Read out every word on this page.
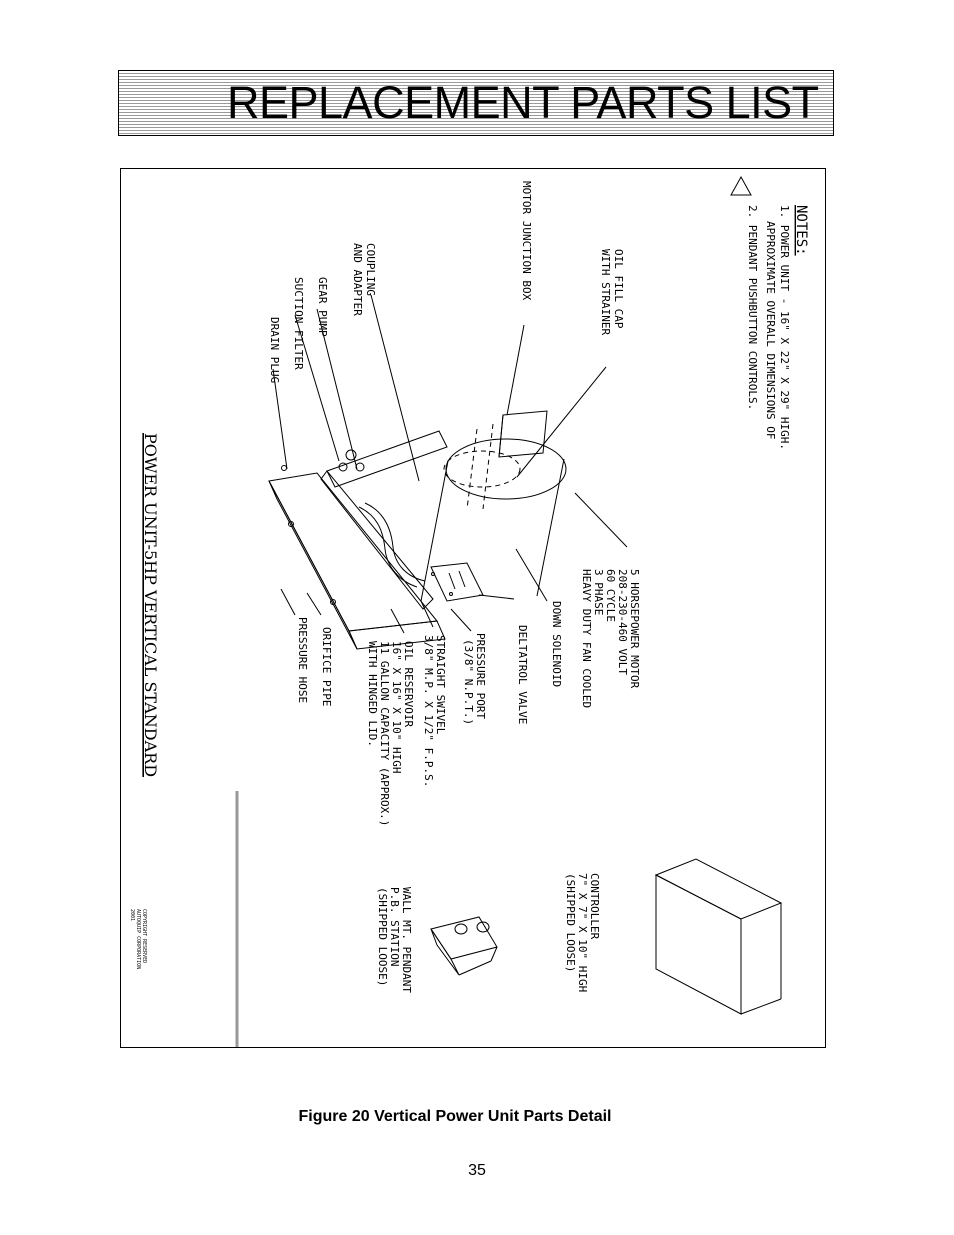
REPLACEMENT PARTS LIST
NOTES:
1. POWER UNIT - 16" X 22" X 29" HIGH.
APPROXIMATE OVERALL DIMENSIONS OF
2. PENDANT PUSHBUTTON CONTROLS.
MOTOR JUNCTION BOX	OIL FILL CAP
WITH STRAINER
COUPLING
AND ADAPTER
GEAR PUMP
SUCTION FILTER
DRAIN PLUG
5 HORSEPOWER MOTOR
208-230-460 VOLT
60 CYCLE
3 PHASE
HEAVY DUTY FAN COOLED
DOWN SOLENOID
DELTATROL VALVE
PRESSURE PORT
(3/8" N.P.T.)
STRAIGHT SWIVEL
3/8" M.P. X 1/2" F.P.S.
OIL RESERVOIR
16" X 16" X 10" HIGH
11 GALLON CAPACITY (APPROX.)
WITH HINGED LID.
ORIFICE PIPE
PRESSURE HOSE
CONTROLLER
7" X 7" X 10" HIGH
(SHIPPED LOOSE)
WALL MT. PENDANT
P.B. STATION
(SHIPPED LOOSE)
POWER UNIT-5HP VERTICAL STANDARD
COPYRIGHT RESERVED
AUTOQUIP CORPORATION
2001
Figure 20 Vertical Power Unit Parts Detail
35
